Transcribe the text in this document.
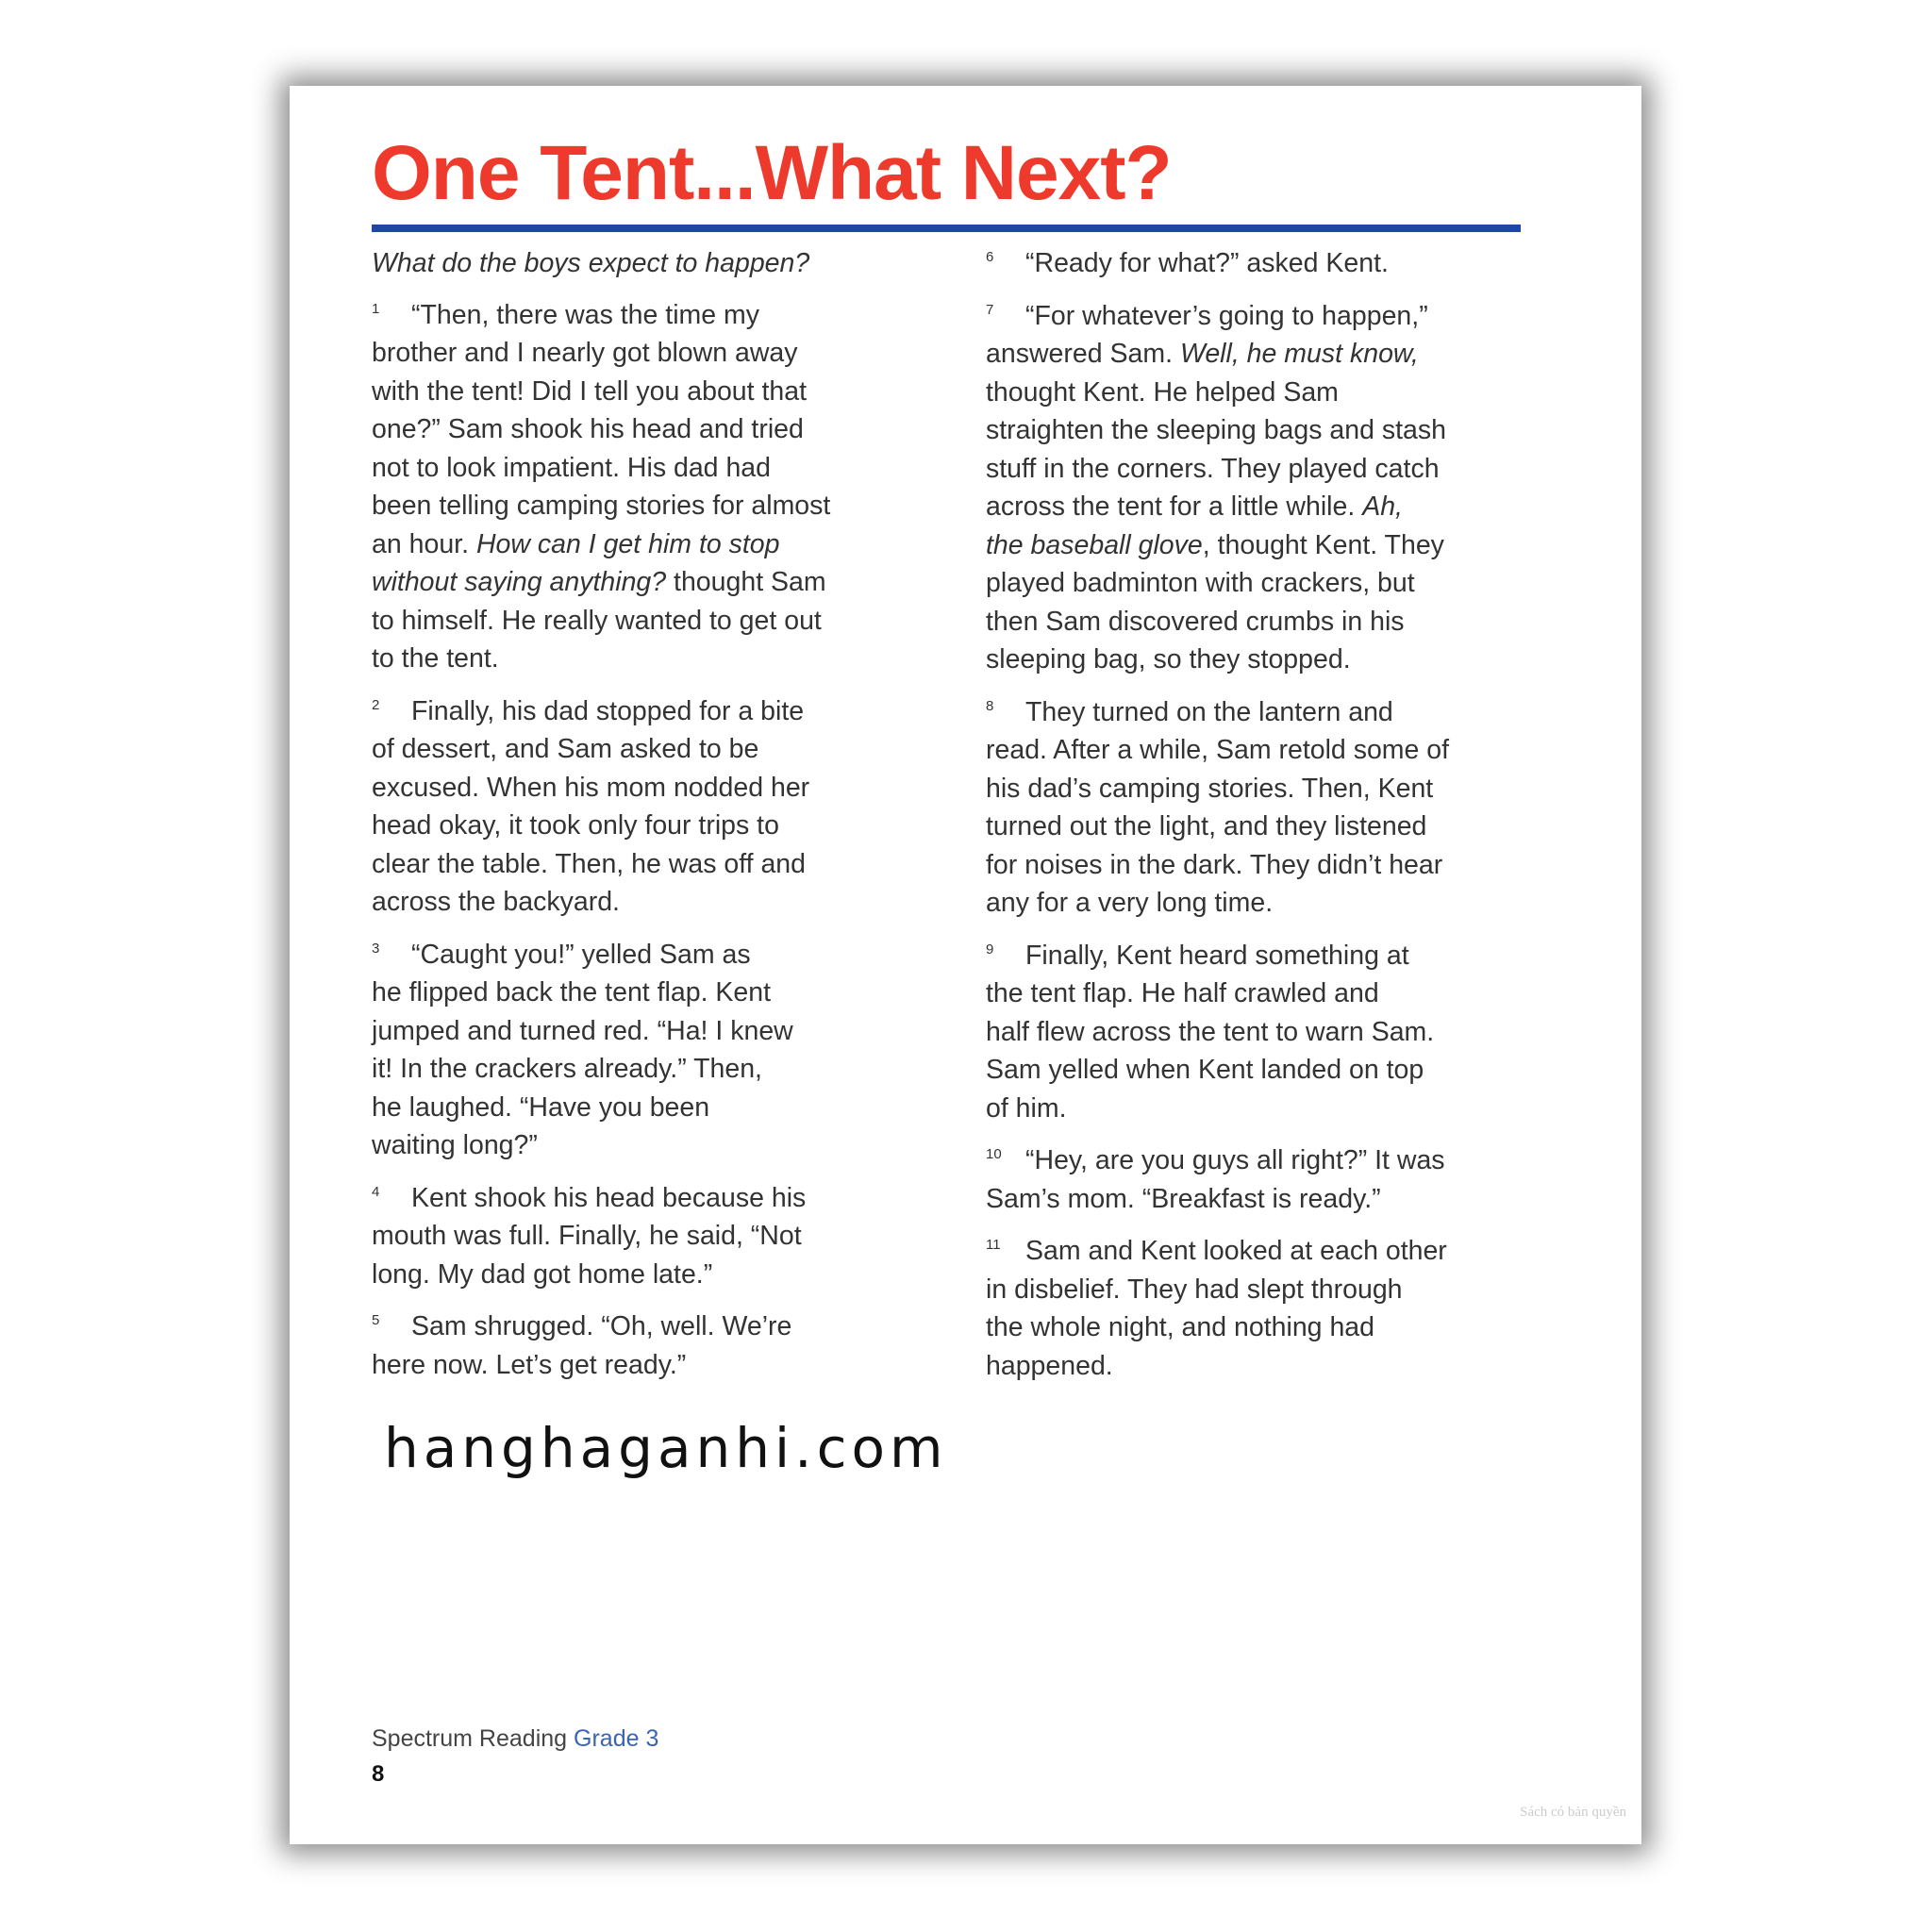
One Tent...What Next?
What do the boys expect to happen?
1 “Then, there was the time my
brother and I nearly got blown away
with the tent! Did I tell you about that
one?” Sam shook his head and tried
not to look impatient. His dad had
been telling camping stories for almost
an hour. How can I get him to stop
without saying anything? thought Sam
to himself. He really wanted to get out
to the tent.
2 Finally, his dad stopped for a bite
of dessert, and Sam asked to be
excused. When his mom nodded her
head okay, it took only four trips to
clear the table. Then, he was off and
across the backyard.
3 “Caught you!” yelled Sam as
he flipped back the tent flap. Kent
jumped and turned red. “Ha! I knew
it! In the crackers already.” Then,
he laughed. “Have you been
waiting long?”
4 Kent shook his head because his
mouth was full. Finally, he said, “Not
long. My dad got home late.”
5 Sam shrugged. “Oh, well. We’re
here now. Let’s get ready.”
6 “Ready for what?” asked Kent.
7 “For whatever’s going to happen,”
answered Sam. Well, he must know,
thought Kent. He helped Sam
straighten the sleeping bags and stash
stuff in the corners. They played catch
across the tent for a little while. Ah,
the baseball glove, thought Kent. They
played badminton with crackers, but
then Sam discovered crumbs in his
sleeping bag, so they stopped.
8 They turned on the lantern and
read. After a while, Sam retold some of
his dad’s camping stories. Then, Kent
turned out the light, and they listened
for noises in the dark. They didn’t hear
any for a very long time.
9 Finally, Kent heard something at
the tent flap. He half crawled and
half flew across the tent to warn Sam.
Sam yelled when Kent landed on top
of him.
10 “Hey, are you guys all right?” It was
Sam’s mom. “Breakfast is ready.”
11 Sam and Kent looked at each other
in disbelief. They had slept through
the whole night, and nothing had
happened.
hanghaganhi.com
Spectrum Reading Grade 3
8
Sách có bản quyền
